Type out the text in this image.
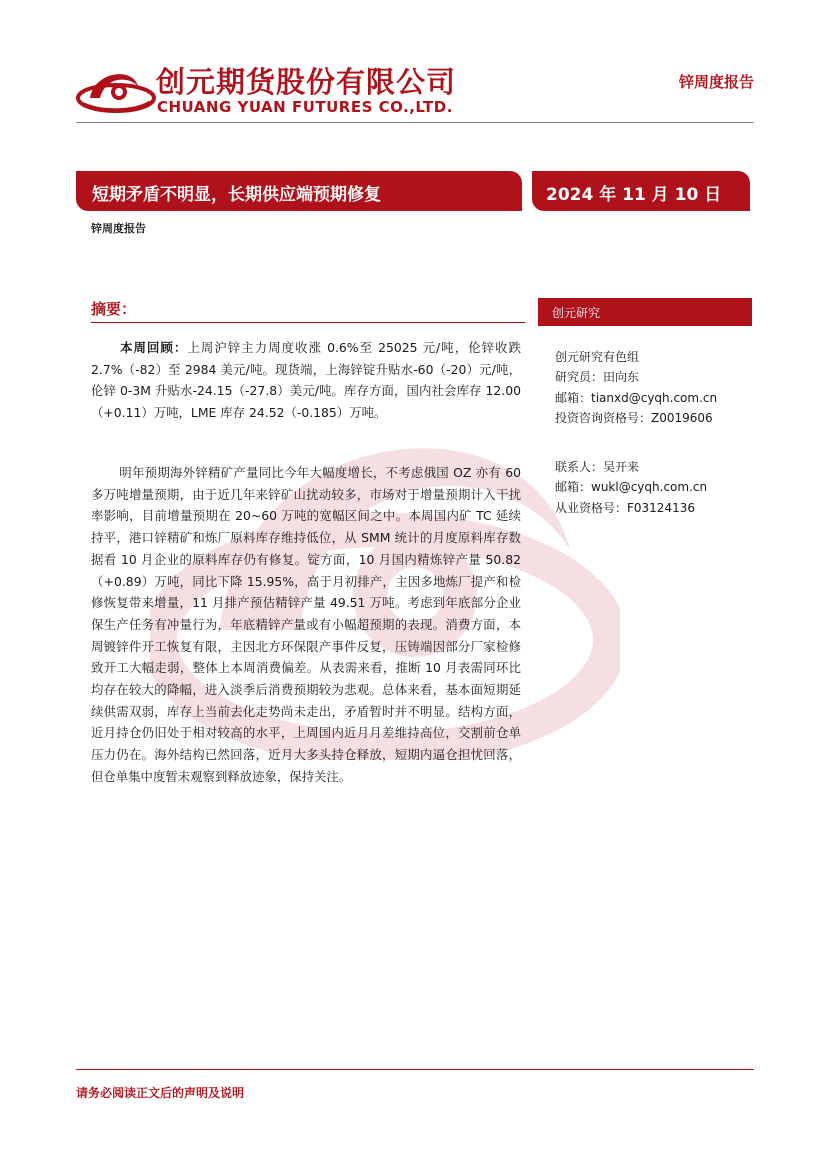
创元期货股份有限公司
CHUANG YUAN FUTURES CO.,LTD.
锌周度报告
短期矛盾不明显，长期供应端预期修复	2024 年 11 月 10 日
锌周度报告
摘要：
本周回顾：上周沪锌主力周度收涨 0.6%至 25025 元/吨，伦锌收跌 2.7%（-82）至 2984 美元/吨。现货端，上海锌锭升贴水-60（-20）元/吨，伦锌 0-3M 升贴水-24.15（-27.8）美元/吨。库存方面，国内社会库存 12.00（+0.11）万吨，LME 库存 24.52（-0.185）万吨。
明年预期海外锌精矿产量同比今年大幅度增长，不考虑俄国 OZ 亦有 60 多万吨增量预期，由于近几年来锌矿山扰动较多，市场对于增量预期计入干扰率影响，目前增量预期在 20~60 万吨的宽幅区间之中。本周国内矿 TC 延续持平，港口锌精矿和炼厂原料库存维持低位，从 SMM 统计的月度原料库存数据看 10 月企业的原料库存仍有修复。锭方面，10 月国内精炼锌产量 50.82（+0.89）万吨，同比下降 15.95%，高于月初排产，主因多地炼厂提产和检修恢复带来增量，11 月排产预估精锌产量 49.51 万吨。考虑到年底部分企业保生产任务有冲量行为，年底精锌产量或有小幅超预期的表现。消费方面，本周镀锌件开工恢复有限，主因北方环保限产事件反复，压铸端因部分厂家检修致开工大幅走弱，整体上本周消费偏差。从表需来看，推断 10 月表需同环比均存在较大的降幅，进入淡季后消费预期较为悲观。总体来看，基本面短期延续供需双弱，库存上当前去化走势尚未走出，矛盾暂时并不明显。结构方面，近月持仓仍旧处于相对较高的水平，上周国内近月月差维持高位，交割前仓单压力仍在。海外结构已然回落，近月大多头持仓释放，短期内逼仓担忧回落，但仓单集中度暂未观察到释放迹象，保持关注。
创元研究
创元研究有色组
研究员：田向东
邮箱：tianxd@cyqh.com.cn
投资咨询资格号：Z0019606
联系人：吴开来
邮箱：wukl@cyqh.com.cn
从业资格号：F03124136
请务必阅读正文后的声明及说明
